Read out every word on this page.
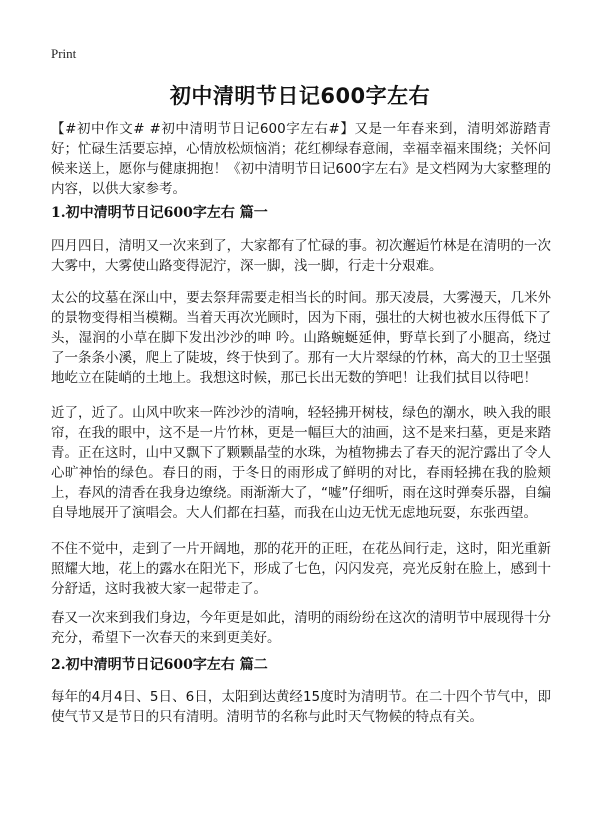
Print
初中清明节日记600字左右
【#初中作文# #初中清明节日记600字左右#】又是一年春来到，清明郊游踏青好；忙碌生活要忘掉，心情放松烦恼消；花红柳绿春意闹，幸福幸福来围绕；关怀问候来送上，愿你与健康拥抱！《初中清明节日记600字左右》是文档网为大家整理的内容，以供大家参考。
1.初中清明节日记600字左右 篇一
四月四日，清明又一次来到了，大家都有了忙碌的事。初次邂逅竹林是在清明的一次大雾中，大雾使山路变得泥泞，深一脚，浅一脚，行走十分艰难。
太公的坟墓在深山中，要去祭拜需要走相当长的时间。那天凌晨，大雾漫天，几米外的景物变得相当模糊。当着天再次光顾时，因为下雨，强壮的大树也被水压得低下了头，湿润的小草在脚下发出沙沙的呻 吟。山路蜿蜒延伸，野草长到了小腿高，绕过了一条条小溪，爬上了陡坡，终于快到了。那有一大片翠绿的竹林，高大的卫士坚强地屹立在陡峭的土地上。我想这时候，那已长出无数的笋吧！让我们拭目以待吧！
近了，近了。山风中吹来一阵沙沙的清响，轻轻拂开树枝，绿色的潮水，映入我的眼帘，在我的眼中，这不是一片竹林，更是一幅巨大的油画，这不是来扫墓，更是来踏青。正在这时，山中又飘下了颗颗晶莹的水珠，为植物拂去了春天的泥泞露出了令人心旷神怡的绿色。春日的雨，于冬日的雨形成了鲜明的对比，春雨轻拂在我的脸颊上，春风的清香在我身边缭绕。雨渐渐大了，“嘘”仔细听，雨在这时弹奏乐器，自编自导地展开了演唱会。大人们都在扫墓，而我在山边无忧无虑地玩耍，东张西望。
不住不觉中，走到了一片开阔地，那的花开的正旺，在花丛间行走，这时，阳光重新照耀大地，花上的露水在阳光下，形成了七色，闪闪发亮，亮光反射在脸上，感到十分舒适，这时我被大家一起带走了。
春又一次来到我们身边，今年更是如此，清明的雨纷纷在这次的清明节中展现得十分充分，希望下一次春天的来到更美好。
2.初中清明节日记600字左右 篇二
每年的4月4日、5日、6日，太阳到达黄经15度时为清明节。在二十四个节气中，即使气节又是节日的只有清明。清明节的名称与此时天气物候的特点有关。
